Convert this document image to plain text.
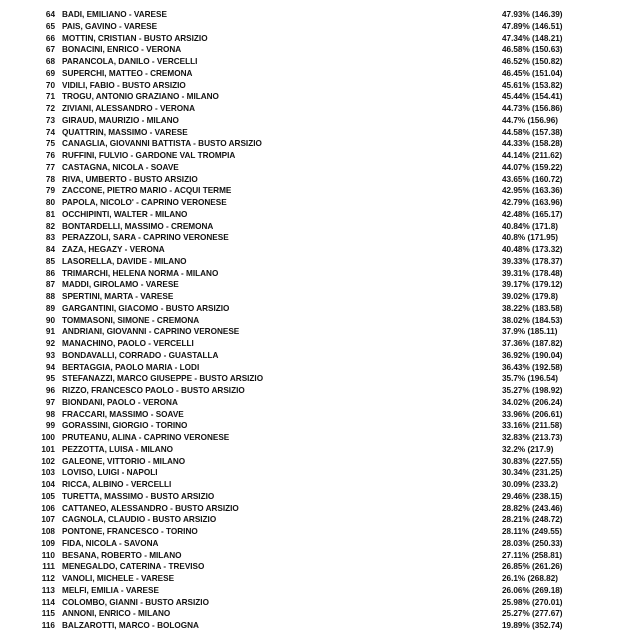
64 BADI, EMILIANO - VARESE	47.93% (146.39)
65 PAIS, GAVINO - VARESE	47.89% (146.51)
66 MOTTIN, CRISTIAN - BUSTO ARSIZIO	47.34% (148.21)
67 BONACINI, ENRICO - VERONA	46.58% (150.63)
68 PARANCOLA, DANILO - VERCELLI	46.52% (150.82)
69 SUPERCHI, MATTEO - CREMONA	46.45% (151.04)
70 VIDILI, FABIO - BUSTO ARSIZIO	45.61% (153.82)
71 TROGU, ANTONIO GRAZIANO - MILANO	45.44% (154.41)
72 ZIVIANI, ALESSANDRO - VERONA	44.73% (156.86)
73 GIRAUD, MAURIZIO - MILANO	44.7% (156.96)
74 QUATTRIN, MASSIMO - VARESE	44.58% (157.38)
75 CANAGLIA, GIOVANNI BATTISTA - BUSTO ARSIZIO	44.33% (158.28)
76 RUFFINI, FULVIO - GARDONE VAL TROMPIA	44.14% (211.62)
77 CASTAGNA, NICOLA - SOAVE	44.07% (159.22)
78 RIVA, UMBERTO - BUSTO ARSIZIO	43.65% (160.72)
79 ZACCONE, PIETRO MARIO - ACQUI TERME	42.95% (163.36)
80 PAPOLA, NICOLO' - CAPRINO VERONESE	42.79% (163.96)
81 OCCHIPINTI, WALTER - MILANO	42.48% (165.17)
82 BONTARDELLI, MASSIMO - CREMONA	40.84% (171.8)
83 PERAZZOLI, SARA - CAPRINO VERONESE	40.8% (171.95)
84 ZAZA, HEGAZY - VERONA	40.48% (173.32)
85 LASORELLA, DAVIDE - MILANO	39.33% (178.37)
86 TRIMARCHI, HELENA NORMA - MILANO	39.31% (178.48)
87 MADDI, GIROLAMO - VARESE	39.17% (179.12)
88 SPERTINI, MARTA - VARESE	39.02% (179.8)
89 GARGANTINI, GIACOMO - BUSTO ARSIZIO	38.22% (183.58)
90 TOMMASONI, SIMONE - CREMONA	38.02% (184.53)
91 ANDRIANI, GIOVANNI - CAPRINO VERONESE	37.9% (185.11)
92 MANACHINO, PAOLO - VERCELLI	37.36% (187.82)
93 BONDAVALLI, CORRADO - GUASTALLA	36.92% (190.04)
94 BERTAGGIA, PAOLO MARIA - LODI	36.43% (192.58)
95 STEFANAZZI, MARCO GIUSEPPE - BUSTO ARSIZIO	35.7% (196.54)
96 RIZZO, FRANCESCO PAOLO - BUSTO ARSIZIO	35.27% (198.92)
97 BIONDANI, PAOLO - VERONA	34.02% (206.24)
98 FRACCARI, MASSIMO - SOAVE	33.96% (206.61)
99 GORASSINI, GIORGIO - TORINO	33.16% (211.58)
100 PRUTEANU, ALINA - CAPRINO VERONESE	32.83% (213.73)
101 PEZZOTTA, LUISA - MILANO	32.2% (217.9)
102 GALEONE, VITTORIO - MILANO	30.83% (227.55)
103 LOVISO, LUIGI - NAPOLI	30.34% (231.25)
104 RICCA, ALBINO - VERCELLI	30.09% (233.2)
105 TURETTA, MASSIMO - BUSTO ARSIZIO	29.46% (238.15)
106 CATTANEO, ALESSANDRO - BUSTO ARSIZIO	28.82% (243.46)
107 CAGNOLA, CLAUDIO - BUSTO ARSIZIO	28.21% (248.72)
108 PONTONE, FRANCESCO - TORINO	28.11% (249.55)
109 FIDA, NICOLA - SAVONA	28.03% (250.33)
110 BESANA, ROBERTO - MILANO	27.11% (258.81)
111 MENEGALDO, CATERINA - TREVISO	26.85% (261.26)
112 VANOLI, MICHELE - VARESE	26.1% (268.82)
113 MELFI, EMILIA - VARESE	26.06% (269.18)
114 COLOMBO, GIANNI - BUSTO ARSIZIO	25.98% (270.01)
115 ANNONI, ENRICO - MILANO	25.27% (277.67)
116 BALZAROTTI, MARCO - BOLOGNA	19.89% (352.74)
